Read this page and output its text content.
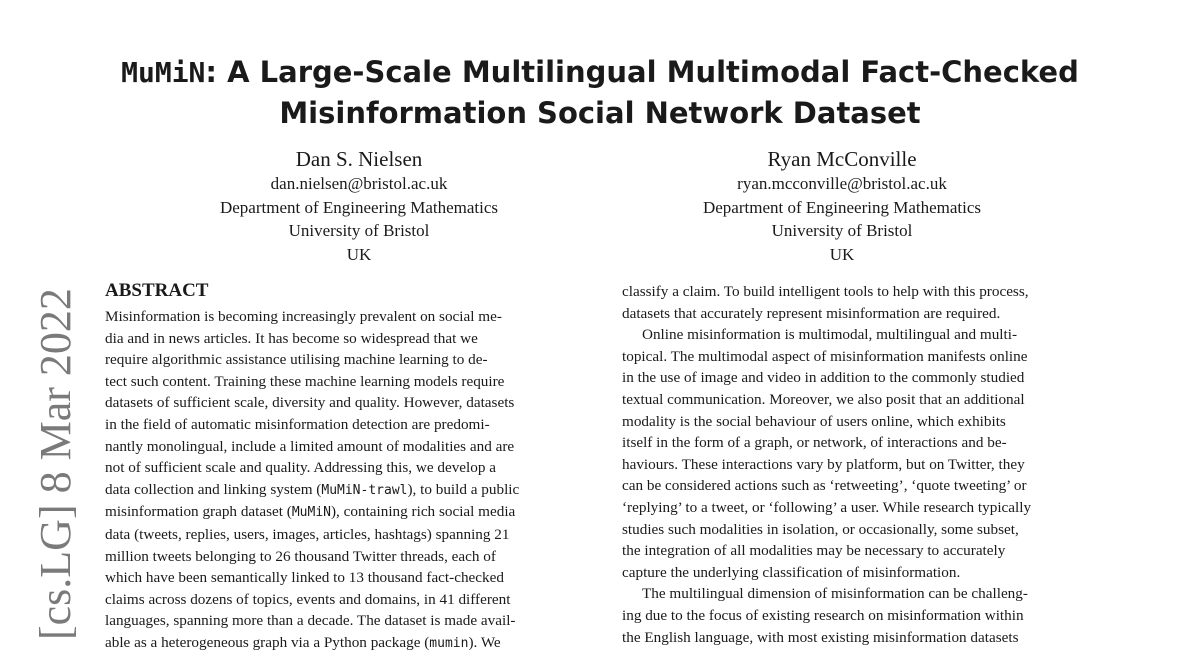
[cs.LG] 8 Mar 2022
MuMiN: A Large-Scale Multilingual Multimodal Fact-Checked
Misinformation Social Network Dataset
Dan S. Nielsen
dan.nielsen@bristol.ac.uk
Department of Engineering Mathematics
University of Bristol
UK
Ryan McConville
ryan.mcconville@bristol.ac.uk
Department of Engineering Mathematics
University of Bristol
UK
ABSTRACT
Misinformation is becoming increasingly prevalent on social me-
dia and in news articles. It has become so widespread that we
require algorithmic assistance utilising machine learning to de-
tect such content. Training these machine learning models require
datasets of sufficient scale, diversity and quality. However, datasets
in the field of automatic misinformation detection are predomi-
nantly monolingual, include a limited amount of modalities and are
not of sufficient scale and quality. Addressing this, we develop a
data collection and linking system (MuMiN-trawl), to build a public
misinformation graph dataset (MuMiN), containing rich social media
data (tweets, replies, users, images, articles, hashtags) spanning 21
million tweets belonging to 26 thousand Twitter threads, each of
which have been semantically linked to 13 thousand fact-checked
claims across dozens of topics, events and domains, in 41 different
languages, spanning more than a decade. The dataset is made avail-
able as a heterogeneous graph via a Python package (mumin). We
classify a claim. To build intelligent tools to help with this process,
datasets that accurately represent misinformation are required.
Online misinformation is multimodal, multilingual and multi-
topical. The multimodal aspect of misinformation manifests online
in the use of image and video in addition to the commonly studied
textual communication. Moreover, we also posit that an additional
modality is the social behaviour of users online, which exhibits
itself in the form of a graph, or network, of interactions and be-
haviours. These interactions vary by platform, but on Twitter, they
can be considered actions such as ‘retweeting’, ‘quote tweeting’ or
‘replying’ to a tweet, or ‘following’ a user. While research typically
studies such modalities in isolation, or occasionally, some subset,
the integration of all modalities may be necessary to accurately
capture the underlying classification of misinformation.
The multilingual dimension of misinformation can be challeng-
ing due to the focus of existing research on misinformation within
the English language, with most existing misinformation datasets
